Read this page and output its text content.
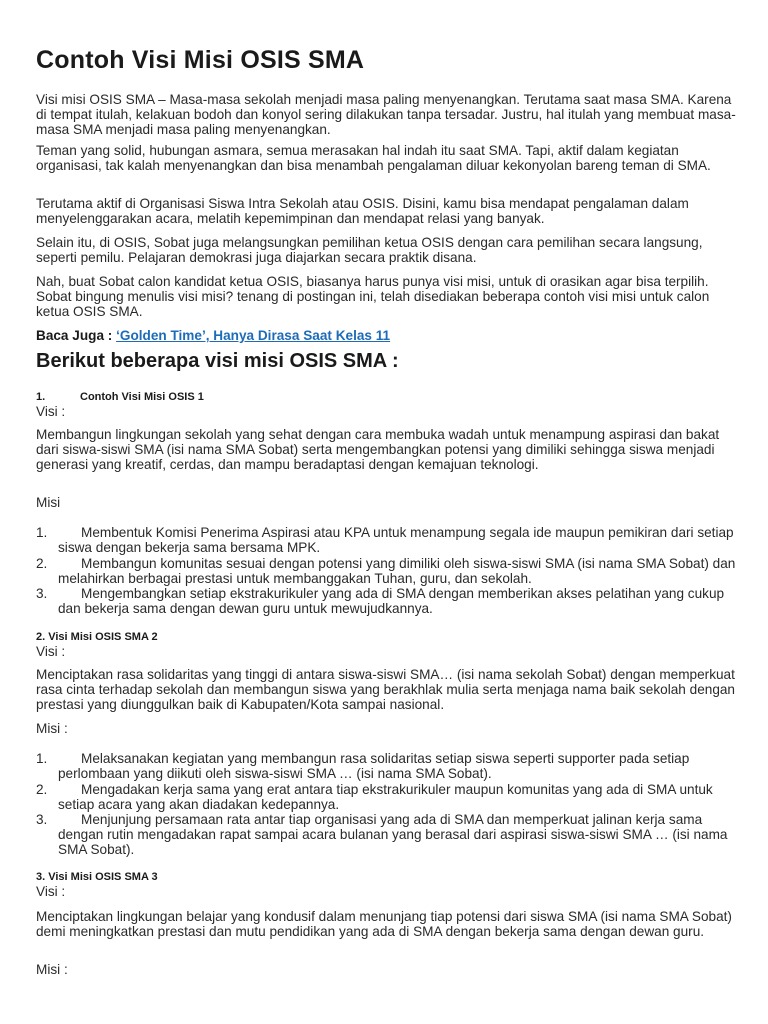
Contoh Visi Misi OSIS SMA

Visi misi OSIS SMA – Masa-masa sekolah menjadi masa paling menyenangkan. Terutama saat masa SMA. Karena di tempat itulah, kelakuan bodoh dan konyol sering dilakukan tanpa tersadar. Justru, hal itulah yang membuat masa-masa SMA menjadi masa paling menyenangkan.

Teman yang solid, hubungan asmara, semua merasakan hal indah itu saat SMA. Tapi, aktif dalam kegiatan organisasi, tak kalah menyenangkan dan bisa menambah pengalaman diluar kekonyolan bareng teman di SMA.

Terutama aktif di Organisasi Siswa Intra Sekolah atau OSIS. Disini, kamu bisa mendapat pengalaman dalam menyelenggarakan acara, melatih kepemimpinan dan mendapat relasi yang banyak.

Selain itu, di OSIS, Sobat juga melangsungkan pemilihan ketua OSIS dengan cara pemilihan secara langsung, seperti pemilu. Pelajaran demokrasi juga diajarkan secara praktik disana.

Nah, buat Sobat calon kandidat ketua OSIS, biasanya harus punya visi misi, untuk di orasikan agar bisa terpilih. Sobat bingung menulis visi misi? tenang di postingan ini, telah disediakan beberapa contoh visi misi untuk calon ketua OSIS SMA.

Baca Juga : ‘Golden Time’, Hanya Dirasa Saat Kelas 11

Berikut beberapa visi misi OSIS SMA :

1.	Contoh Visi Misi OSIS 1

Visi :

Membangun lingkungan sekolah yang sehat dengan cara membuka wadah untuk menampung aspirasi dan bakat dari siswa-siswi SMA (isi nama SMA Sobat) serta mengembangkan potensi yang dimiliki sehingga siswa menjadi generasi yang kreatif, cerdas, dan mampu beradaptasi dengan kemajuan teknologi.

Misi

1.	Membentuk Komisi Penerima Aspirasi atau KPA untuk menampung segala ide maupun pemikiran dari setiap siswa dengan bekerja sama bersama MPK.
2.	Membangun komunitas sesuai dengan potensi yang dimiliki oleh siswa-siswi SMA (isi nama SMA Sobat) dan melahirkan berbagai prestasi untuk membanggakan Tuhan, guru, dan sekolah.
3.	Mengembangkan setiap ekstrakurikuler yang ada di SMA dengan memberikan akses pelatihan yang cukup dan bekerja sama dengan dewan guru untuk mewujudkannya.

2. Visi Misi OSIS SMA 2

Visi :

Menciptakan rasa solidaritas yang tinggi di antara siswa-siswi SMA… (isi nama sekolah Sobat) dengan memperkuat rasa cinta terhadap sekolah dan membangun siswa yang berakhlak mulia serta menjaga nama baik sekolah dengan prestasi yang diunggulkan baik di Kabupaten/Kota sampai nasional.

Misi :

1.	Melaksanakan kegiatan yang membangun rasa solidaritas setiap siswa seperti supporter pada setiap perlombaan yang diikuti oleh siswa-siswi SMA … (isi nama SMA Sobat).
2.	Mengadakan kerja sama yang erat antara tiap ekstrakurikuler maupun komunitas yang ada di SMA untuk setiap acara yang akan diadakan kedepannya.
3.	Menjunjung persamaan rata antar tiap organisasi yang ada di SMA dan memperkuat jalinan kerja sama dengan rutin mengadakan rapat sampai acara bulanan yang berasal dari aspirasi siswa-siswi SMA … (isi nama SMA Sobat).

3. Visi Misi OSIS SMA 3

Visi :

Menciptakan lingkungan belajar yang kondusif dalam menunjang tiap potensi dari siswa SMA (isi nama SMA Sobat) demi meningkatkan prestasi dan mutu pendidikan yang ada di SMA dengan bekerja sama dengan dewan guru.

Misi :
